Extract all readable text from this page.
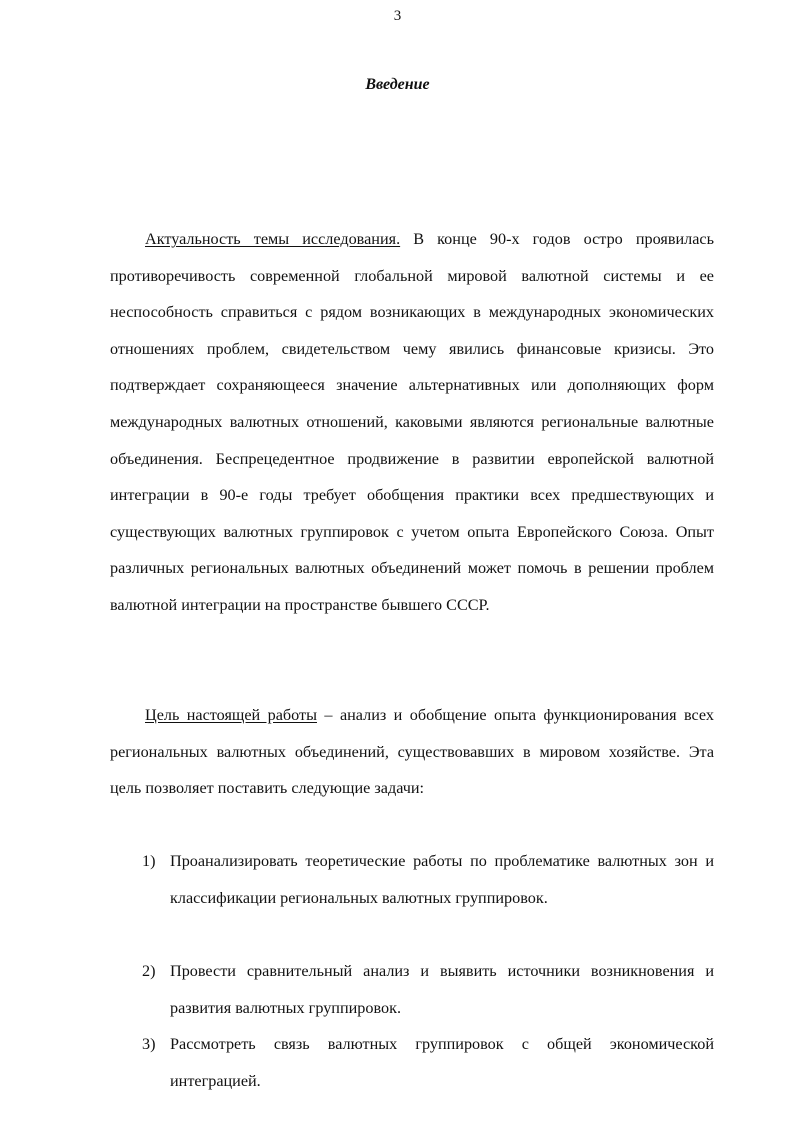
3
Введение

Актуальность темы исследования. В конце 90-х годов остро проявилась противоречивость современной глобальной мировой валютной системы и ее неспособность справиться с рядом возникающих в международных экономических отношениях проблем, свидетельством чему явились финансовые кризисы. Это подтверждает сохраняющееся значение альтернативных или дополняющих форм международных валютных отношений, каковыми являются региональные валютные объединения. Беспрецедентное продвижение в развитии европейской валютной интеграции в 90-е годы требует обобщения практики всех предшествующих и существующих валютных группировок с учетом опыта Европейского Союза. Опыт различных региональных валютных объединений может помочь в решении проблем валютной интеграции на пространстве бывшего СССР.

Цель настоящей работы – анализ и обобщение опыта функционирования всех региональных валютных объединений, существовавших в мировом хозяйстве. Эта цель позволяет поставить следующие задачи:

1) Проанализировать теоретические работы по проблематике валютных зон и классификации региональных валютных группировок.

2) Провести сравнительный анализ и выявить источники возникновения и развития валютных группировок.

3) Рассмотреть связь валютных группировок с общей экономической интеграцией.
